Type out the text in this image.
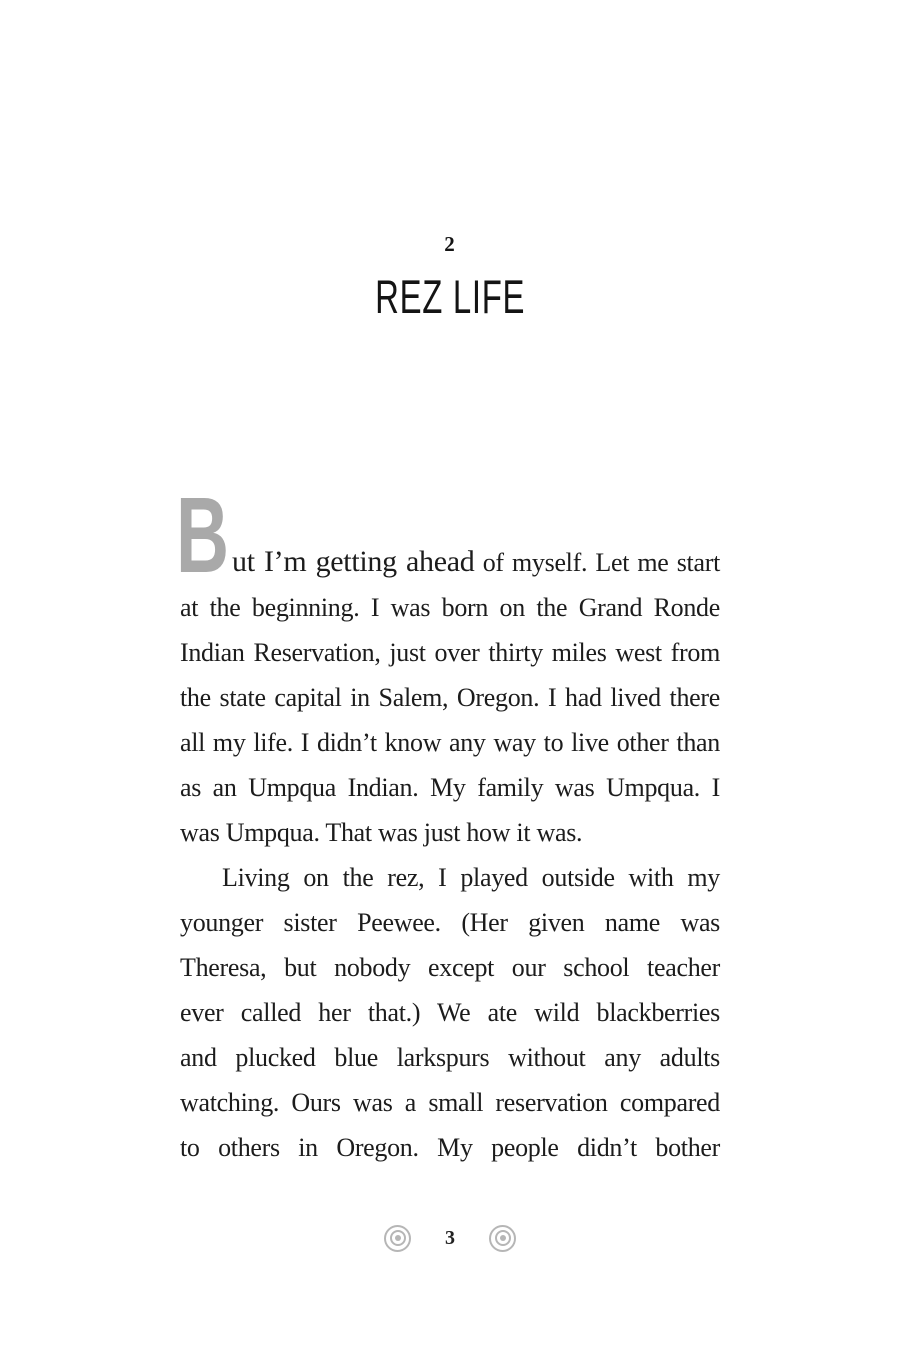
2
REZ LIFE
B ut I’m getting ahead of myself. Let me start
at the beginning. I was born on the Grand Ronde
Indian Reservation, just over thirty miles west from
the state capital in Salem, Oregon. I had lived there
all my life. I didn’t know any way to live other than
as an Umpqua Indian. My family was Umpqua. I
was Umpqua. That was just how it was.
Living on the rez, I played outside with my
younger sister Peewee. (Her given name was
Theresa, but nobody except our school teacher
ever called her that.) We ate wild blackberries
and plucked blue larkspurs without any adults
watching. Ours was a small reservation compared
to others in Oregon. My people didn’t bother
3
